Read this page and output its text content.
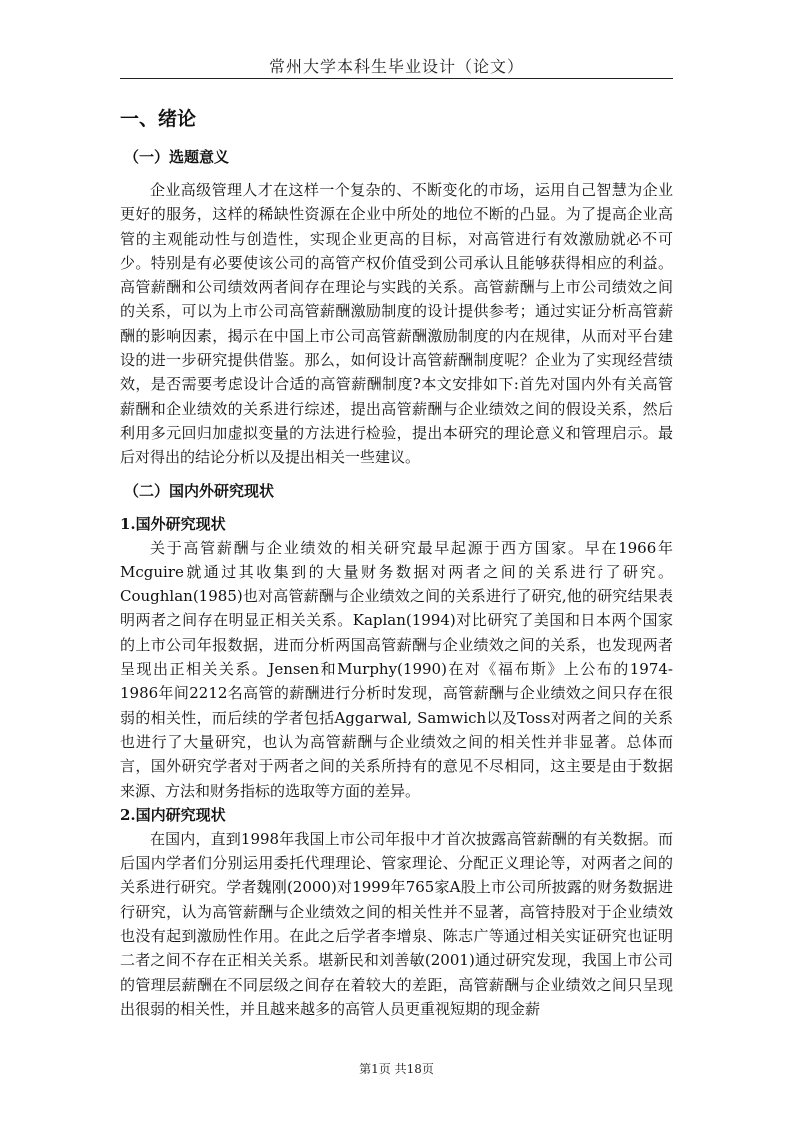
常州大学本科生毕业设计（论文）
一、绪论
（一）选题意义

企业高级管理人才在这样一个复杂的、不断变化的市场，运用自己智慧为企业更好的服务，这样的稀缺性资源在企业中所处的地位不断的凸显。为了提高企业高管的主观能动性与创造性，实现企业更高的目标，对高管进行有效激励就必不可少。特别是有必要使该公司的高管产权价值受到公司承认且能够获得相应的利益。高管薪酬和公司绩效两者间存在理论与实践的关系。高管薪酬与上市公司绩效之间的关系，可以为上市公司高管薪酬激励制度的设计提供参考；通过实证分析高管薪酬的影响因素，揭示在中国上市公司高管薪酬激励制度的内在规律，从而对平台建设的进一步研究提供借鉴。那么，如何设计高管薪酬制度呢？企业为了实现经营绩效，是否需要考虑设计合适的高管薪酬制度?本文安排如下:首先对国内外有关高管薪酬和企业绩效的关系进行综述，提出高管薪酬与企业绩效之间的假设关系，然后利用多元回归加虚拟变量的方法进行检验，提出本研究的理论意义和管理启示。最后对得出的结论分析以及提出相关一些建议。

（二）国内外研究现状
1.国外研究现状

关于高管薪酬与企业绩效的相关研究最早起源于西方国家。早在1966年Mcguire就通过其收集到的大量财务数据对两者之间的关系进行了研究。Coughlan(1985)也对高管薪酬与企业绩效之间的关系进行了研究,他的研究结果表明两者之间存在明显正相关关系。Kaplan(1994)对比研究了美国和日本两个国家的上市公司年报数据，进而分析两国高管薪酬与企业绩效之间的关系，也发现两者呈现出正相关关系。Jensen和Murphy(1990)在对《福布斯》上公布的1974-1986年间2212名高管的薪酬进行分析时发现，高管薪酬与企业绩效之间只存在很弱的相关性，而后续的学者包括Aggarwal, Samwich以及Toss对两者之间的关系也进行了大量研究，也认为高管薪酬与企业绩效之间的相关性并非显著。总体而言，国外研究学者对于两者之间的关系所持有的意见不尽相同，这主要是由于数据来源、方法和财务指标的选取等方面的差异。

2.国内研究现状

在国内，直到1998年我国上市公司年报中才首次披露高管薪酬的有关数据。而后国内学者们分别运用委托代理理论、管家理论、分配正义理论等，对两者之间的关系进行研究。学者魏刚(2000)对1999年765家A股上市公司所披露的财务数据进行研究，认为高管薪酬与企业绩效之间的相关性并不显著，高管持股对于企业绩效也没有起到激励性作用。在此之后学者李增泉、陈志广等通过相关实证研究也证明二者之间不存在正相关关系。堪新民和刘善敏(2001)通过研究发现，我国上市公司的管理层薪酬在不同层级之间存在着较大的差距，高管薪酬与企业绩效之间只呈现出很弱的相关性，并且越来越多的高管人员更重视短期的现金薪

第1页 共18页
